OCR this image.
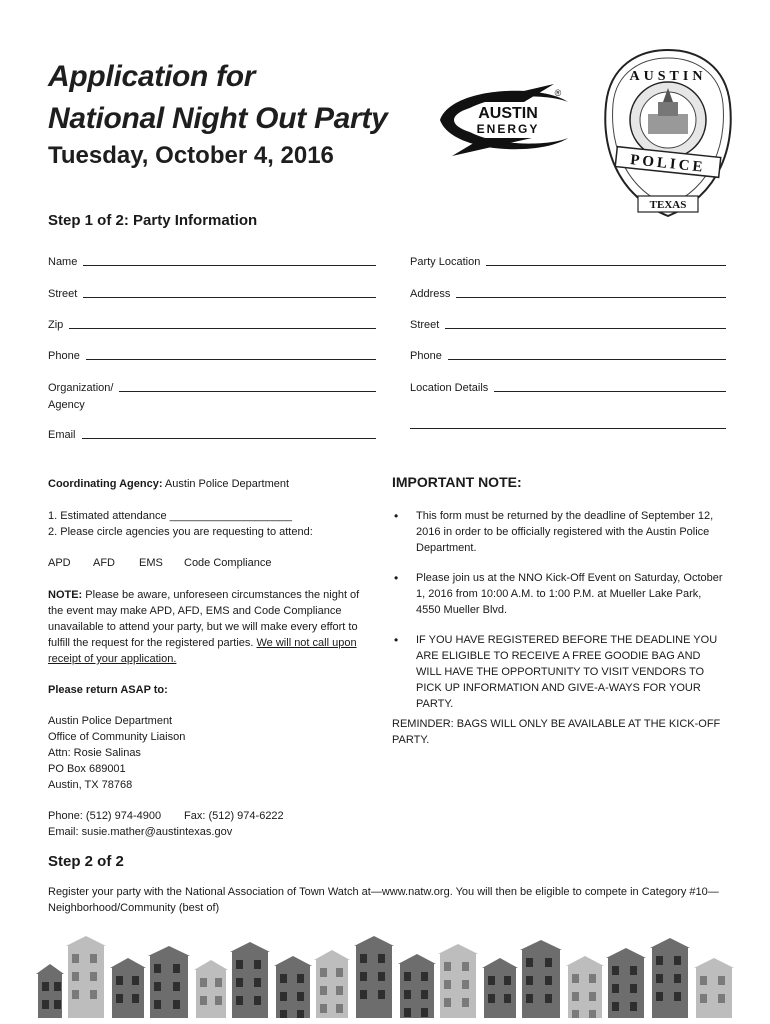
Application for
National Night Out Party
Tuesday, October 4, 2016
AUSTIN
ENERGY
®
AUSTIN
POLICE
TEXAS
Step 1 of 2: Party Information
Name
Street
Zip
Phone
Organization/
Agency
Email
Party Location
Address
Street
Phone
Location Details
Coordinating Agency: Austin Police Department
1. Estimated attendance ____________________
2. Please circle agencies you are requesting to attend:
APD AFD EMS Code Compliance
NOTE: Please be aware, unforeseen circumstances the night of the event may make APD, AFD, EMS and Code Compliance unavailable to attend your party, but we will make every effort to fulfill the request for the registered parties. We will not call upon receipt of your application.
Please return ASAP to:
Austin Police Department
Office of Community Liaison
Attn: Rosie Salinas
PO Box 689001
Austin, TX 78768
Phone: (512) 974-4900 Fax: (512) 974-6222
Email: susie.mather@austintexas.gov
IMPORTANT NOTE:
• This form must be returned by the deadline of September 12, 2016 in order to be officially registered with the Austin Police Department.
• Please join us at the NNO Kick-Off Event on Saturday, October 1, 2016 from 10:00 A.M. to 1:00 P.M. at Mueller Lake Park, 4550 Mueller Blvd.
• IF YOU HAVE REGISTERED BEFORE THE DEADLINE YOU ARE ELIGIBLE TO RECEIVE A FREE GOODIE BAG AND WILL HAVE THE OPPORTUNITY TO VISIT VENDORS TO PICK UP INFORMATION AND GIVE-A-WAYS FOR YOUR PARTY.
REMINDER: BAGS WILL ONLY BE AVAILABLE AT THE KICK-OFF PARTY.
Step 2 of 2
Register your party with the National Association of Town Watch at—www.natw.org. You will then be eligible to compete in Category #10—Neighborhood/Community (best of)
